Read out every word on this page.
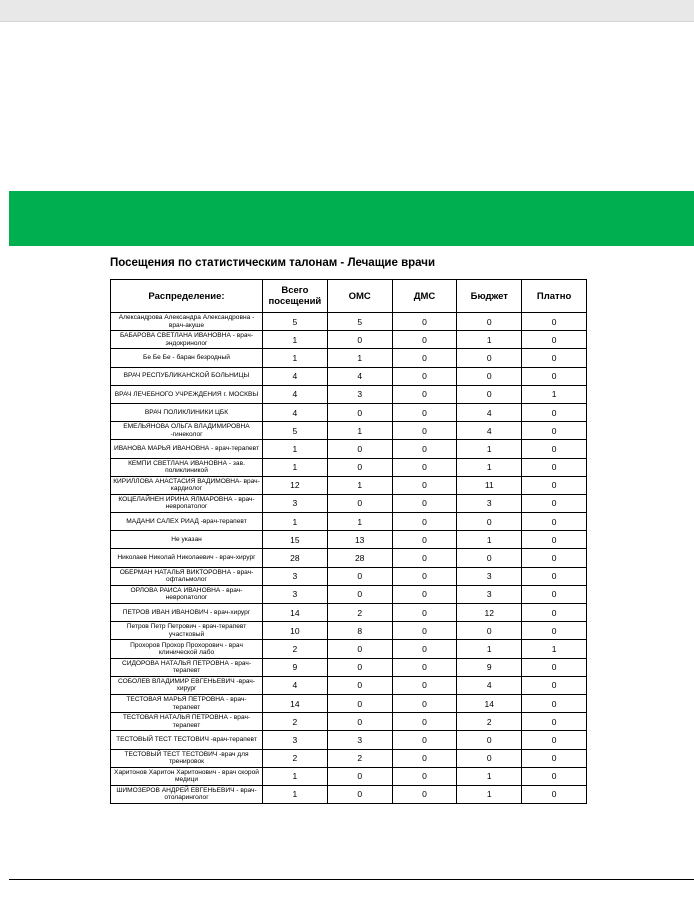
Посещения по статистическим талонам - Лечащие врачи
Распределение:	Всего посещений	ОМС	ДМС	Бюджет	Платно
Александрова Александра Александровна - врач-акуше	5	5	0	0	0
БАБАРОВА СВЕТЛАНА ИВАНОВНА - врач-эндокринолог	1	0	0	1	0
Бе Бе Бе - баран безродный	1	1	0	0	0
ВРАЧ РЕСПУБЛИКАНСКОЙ БОЛЬНИЦЫ	4	4	0	0	0
ВРАЧ ЛЕЧЕБНОГО УЧРЕЖДЕНИЯ г. МОСКВЫ	4	3	0	0	1
ВРАЧ ПОЛИКЛИНИКИ ЦБК	4	0	0	4	0
ЕМЕЛЬЯНОВА ОЛЬГА ВЛАДИМИРОВНА -гинеколог	5	1	0	4	0
ИВАНОВА МАРЬЯ ИВАНОВНА - врач-терапевт	1	0	0	1	0
КЕМПИ СВЕТЛАНА ИВАНОВНА - зав. поликлиникой	1	0	0	1	0
КИРИЛЛОВА АНАСТАСИЯ ВАДИМОВНА- врач-кардиолог	12	1	0	11	0
КОЦЕЛАЙНЕН ИРИНА ЯЛМАРОВНА - врач- невропатолог	3	0	0	3	0
МАДАНИ САЛЕХ РИАД -врач-терапевт	1	1	0	0	0
Не указан	15	13	0	1	0
Николаев Николай Николаевич - врач-хирург	28	28	0	0	0
ОБЕРМАН НАТАЛЬЯ ВИКТОРОВНА - врач-офтальмолог	3	0	0	3	0
ОРЛОВА РАИСА ИВАНОВНА - врач-невропатолог	3	0	0	3	0
ПЕТРОВ ИВАН ИВАНОВИЧ - врач-хирург	14	2	0	12	0
Петров Петр Петрович - врач-терапевт участковый	10	8	0	0	0
Прохоров Прохор Прохорович - врач клинической лабо	2	0	0	1	1
СИДОРОВА НАТАЛЬЯ ПЕТРОВНА - врач-терапевт	9	0	0	9	0
СОБОЛЕВ ВЛАДИМИР ЕВГЕНЬЕВИЧ -врач-хирург	4	0	0	4	0
ТЕСТОВАЯ МАРЬЯ ПЕТРОВНА - врач-терапевт	14	0	0	14	0
ТЕСТОВАЯ НАТАЛЬЯ ПЕТРОВНА - врач-терапевт	2	0	0	2	0
ТЕСТОВЫЙ ТЕСТ ТЕСТОВИЧ -врач-терапевт	3	3	0	0	0
ТЕСТОВЫЙ ТЕСТ ТЕСТОВИЧ -врач для тренировок	2	2	0	0	0
Харитонов Харитон Харитонович - врач скорой медици	1	0	0	1	0
ШИМОЗЕРОВ АНДРЕЙ ЕВГЕНЬЕВИЧ - врач-отоларинголог	1	0	0	1	0
